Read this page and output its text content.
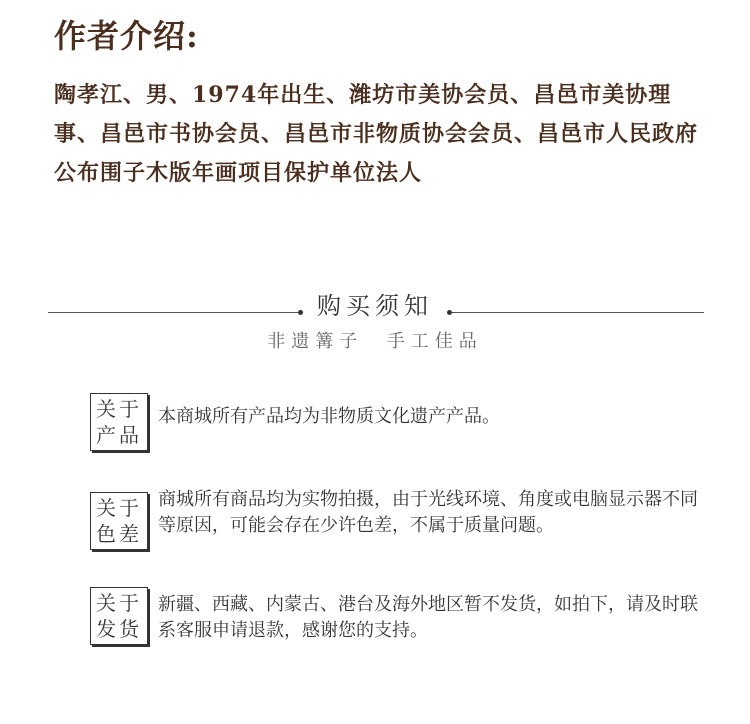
作者介绍:
陶孝江、男、1974年出生、潍坊市美协会员、昌邑市美协理事、昌邑市书协会员、昌邑市非物质协会会员、昌邑市人民政府公布围子木版年画项目保护单位法人
购买须知
非遗篝子  手工佳品
关于
产品
本商城所有产品均为非物质文化遗产产品。
关于
色差
商城所有商品均为实物拍摄，由于光线环境、角度或电脑显示器不同等原因，可能会存在少许色差，不属于质量问题。
关于
发货
新疆、西藏、内蒙古、港台及海外地区暂不发货，如拍下，请及时联系客服申请退款，感谢您的支持。
